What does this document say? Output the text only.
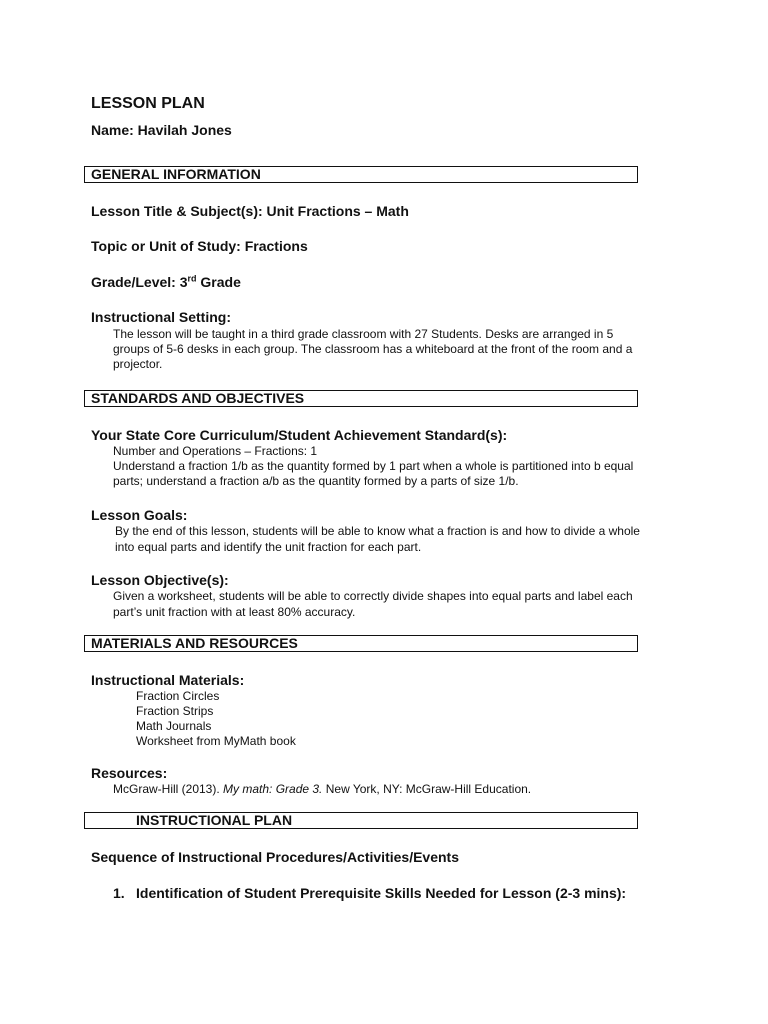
LESSON PLAN
Name: Havilah Jones
GENERAL INFORMATION
Lesson Title & Subject(s): Unit Fractions – Math
Topic or Unit of Study: Fractions
Grade/Level: 3rd Grade
Instructional Setting:
The lesson will be taught in a third grade classroom with 27 Students. Desks are arranged in 5
groups of 5-6 desks in each group. The classroom has a whiteboard at the front of the room and a
projector.
STANDARDS AND OBJECTIVES
Your State Core Curriculum/Student Achievement Standard(s):
Number and Operations – Fractions: 1
Understand a fraction 1/b as the quantity formed by 1 part when a whole is partitioned into b equal
parts; understand a fraction a/b as the quantity formed by a parts of size 1/b.
Lesson Goals:
By the end of this lesson, students will be able to know what a fraction is and how to divide a whole
into equal parts and identify the unit fraction for each part.
Lesson Objective(s):
Given a worksheet, students will be able to correctly divide shapes into equal parts and label each
part’s unit fraction with at least 80% accuracy.
MATERIALS AND RESOURCES
Instructional Materials:
Fraction Circles
Fraction Strips
Math Journals
Worksheet from MyMath book
Resources:
McGraw-Hill (2013). My math: Grade 3. New York, NY: McGraw-Hill Education.
INSTRUCTIONAL PLAN
Sequence of Instructional Procedures/Activities/Events
1. Identification of Student Prerequisite Skills Needed for Lesson (2-3 mins):
